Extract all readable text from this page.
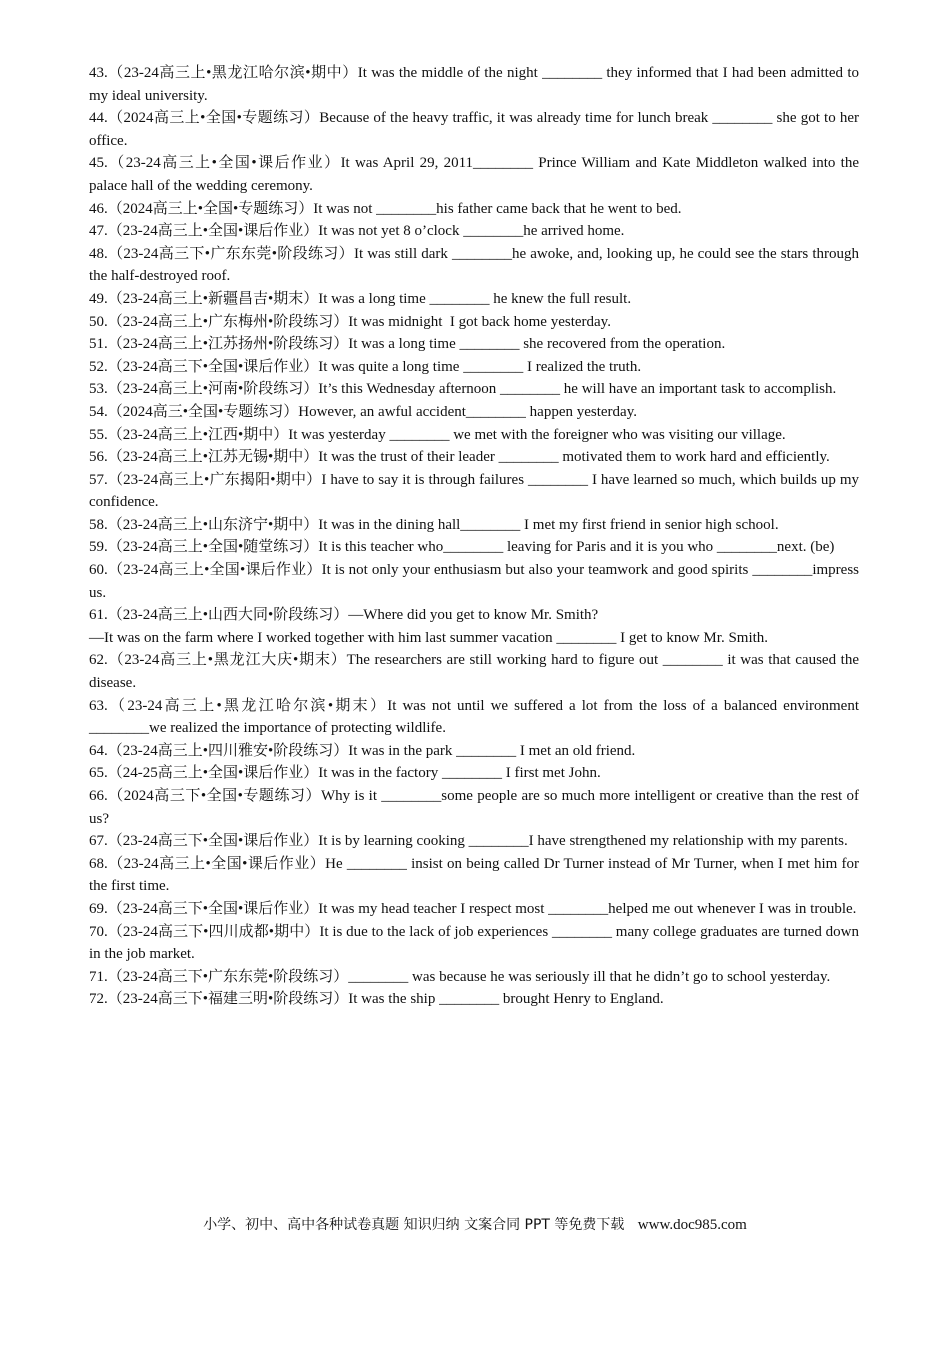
43.（23-24高三上•黑龙江哈尔滨•期中）It was the middle of the night ________ they informed that I had been admitted to my ideal university.
44.（2024高三上•全国•专题练习）Because of the heavy traffic, it was already time for lunch break ________ she got to her office.
45.（23-24高三上•全国•课后作业）It was April 29, 2011________ Prince William and Kate Middleton walked into the palace hall of the wedding ceremony.
46.（2024高三上•全国•专题练习）It was not ________his father came back that he went to bed.
47.（23-24高三上•全国•课后作业）It was not yet 8 o’clock ________he arrived home.
48.（23-24高三下•广东东莞•阶段练习）It was still dark ________he awoke, and, looking up, he could see the stars through the half-destroyed roof.
49.（23-24高三上•新疆昌吉•期末）It was a long time ________ he knew the full result.
50.（23-24高三上•广东梅州•阶段练习）It was midnight  I got back home yesterday.
51.（23-24高三上•江苏扬州•阶段练习）It was a long time ________ she recovered from the operation.
52.（23-24高三下•全国•课后作业）It was quite a long time ________ I realized the truth.
53.（23-24高三上•河南•阶段练习）It’s this Wednesday afternoon ________ he will have an important task to accomplish.
54.（2024高三•全国•专题练习）However, an awful accident________ happen yesterday.
55.（23-24高三上•江西•期中）It was yesterday ________ we met with the foreigner who was visiting our village.
56.（23-24高三上•江苏无锡•期中）It was the trust of their leader ________ motivated them to work hard and efficiently.
57.（23-24高三上•广东揭阳•期中）I have to say it is through failures ________ I have learned so much, which builds up my confidence.
58.（23-24高三上•山东济宁•期中）It was in the dining hall________ I met my first friend in senior high school.
59.（23-24高三上•全国•随堂练习）It is this teacher who________ leaving for Paris and it is you who ________next. (be)
60.（23-24高三上•全国•课后作业）It is not only your enthusiasm but also your teamwork and good spirits ________impress us.
61.（23-24高三上•山西大同•阶段练习）—Where did you get to know Mr. Smith?
—It was on the farm where I worked together with him last summer vacation ________ I get to know Mr. Smith.
62.（23-24高三上•黑龙江大庆•期末）The researchers are still working hard to figure out ________ it was that caused the disease.
63.（23-24高三上•黑龙江哈尔滨•期末）It was not until we suffered a lot from the loss of a balanced environment  ________we realized the importance of protecting wildlife.
64.（23-24高三上•四川雅安•阶段练习）It was in the park ________ I met an old friend.
65.（24-25高三上•全国•课后作业）It was in the factory ________ I first met John.
66.（2024高三下•全国•专题练习）Why is it ________some people are so much more intelligent or creative than the rest of us?
67.（23-24高三下•全国•课后作业）It is by learning cooking ________I have strengthened my relationship with my parents.
68.（23-24高三上•全国•课后作业）He ________ insist on being called Dr Turner instead of Mr Turner, when I met him for the first time.
69.（23-24高三下•全国•课后作业）It was my head teacher I respect most ________helped me out whenever I was in trouble.
70.（23-24高三下•四川成都•期中）It is due to the lack of job experiences ________ many college graduates are turned down in the job market.
71.（23-24高三下•广东东莞•阶段练习）________ was because he was seriously ill that he didn’t go to school yesterday.
72.（23-24高三下•福建三明•阶段练习）It was the ship ________ brought Henry to England.
小学、初中、高中各种试卷真题 知识归纳 文案合同 PPT 等免费下载 www.doc985.com
